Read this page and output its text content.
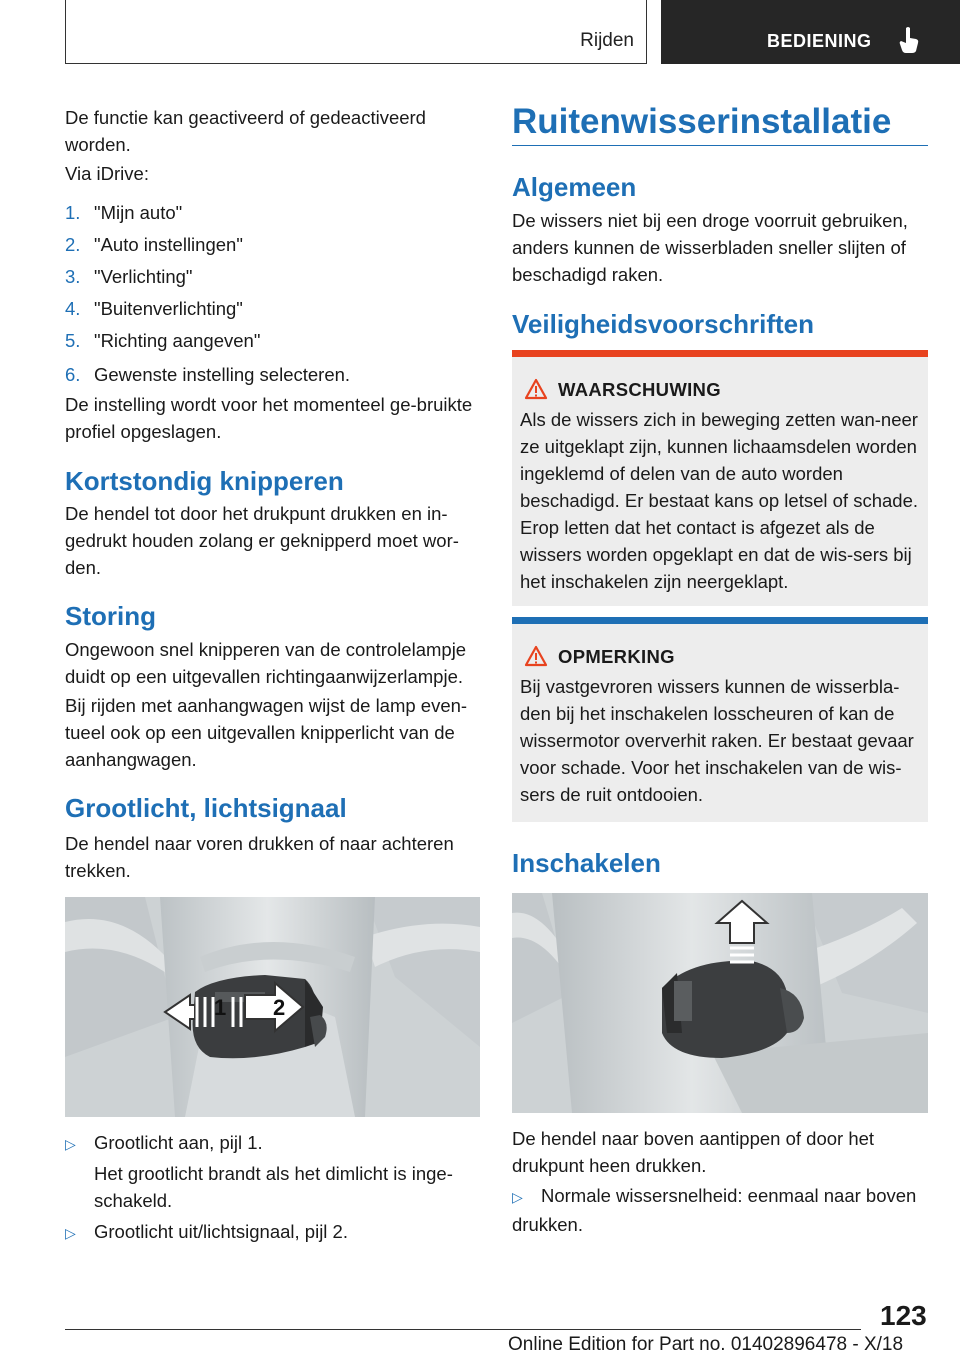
Rijden	BEDIENING
De functie kan geactiveerd of gedeactiveerd worden.
Via iDrive:
1. "Mijn auto"
2. "Auto instellingen"
3. "Verlichting"
4. "Buitenverlichting"
5. "Richting aangeven"
6. Gewenste instelling selecteren.
De instelling wordt voor het momenteel ge-bruikte profiel opgeslagen.
Kortstondig knipperen
De hendel tot door het drukpunt drukken en in-gedrukt houden zolang er geknipperd moet wor-den.
Storing
Ongewoon snel knipperen van de controlelampje duidt op een uitgevallen richtingaanwijzerlampje.
Bij rijden met aanhangwagen wijst de lamp even-tueel ook op een uitgevallen knipperlicht van de aanhangwagen.
Grootlicht, lichtsignaal
De hendel naar voren drukken of naar achteren trekken.
1 2
▷ Grootlicht aan, pijl 1.
Het grootlicht brandt als het dimlicht is inge-schakeld.
▷ Grootlicht uit/lichtsignaal, pijl 2.
Ruitenwisserinstallatie
Algemeen
De wissers niet bij een droge voorruit gebruiken, anders kunnen de wisserbladen sneller slijten of beschadigd raken.
Veiligheidsvoorschriften
WAARSCHUWING
Als de wissers zich in beweging zetten wan-neer ze uitgeklapt zijn, kunnen lichaamsdelen worden ingeklemd of delen van de auto worden beschadigd. Er bestaat kans op letsel of schade. Erop letten dat het contact is afgezet als de wissers worden opgeklapt en dat de wis-sers bij het inschakelen zijn neergeklapt.
OPMERKING
Bij vastgevroren wissers kunnen de wisserbla-den bij het inschakelen losscheuren of kan de wissermotor oververhit raken. Er bestaat gevaar voor schade. Voor het inschakelen van de wis-sers de ruit ontdooien.
Inschakelen
De hendel naar boven aantippen of door het drukpunt heen drukken.
▷ Normale wissersnelheid: eenmaal naar boven drukken.
123
Online Edition for Part no. 01402896478 - X/18
